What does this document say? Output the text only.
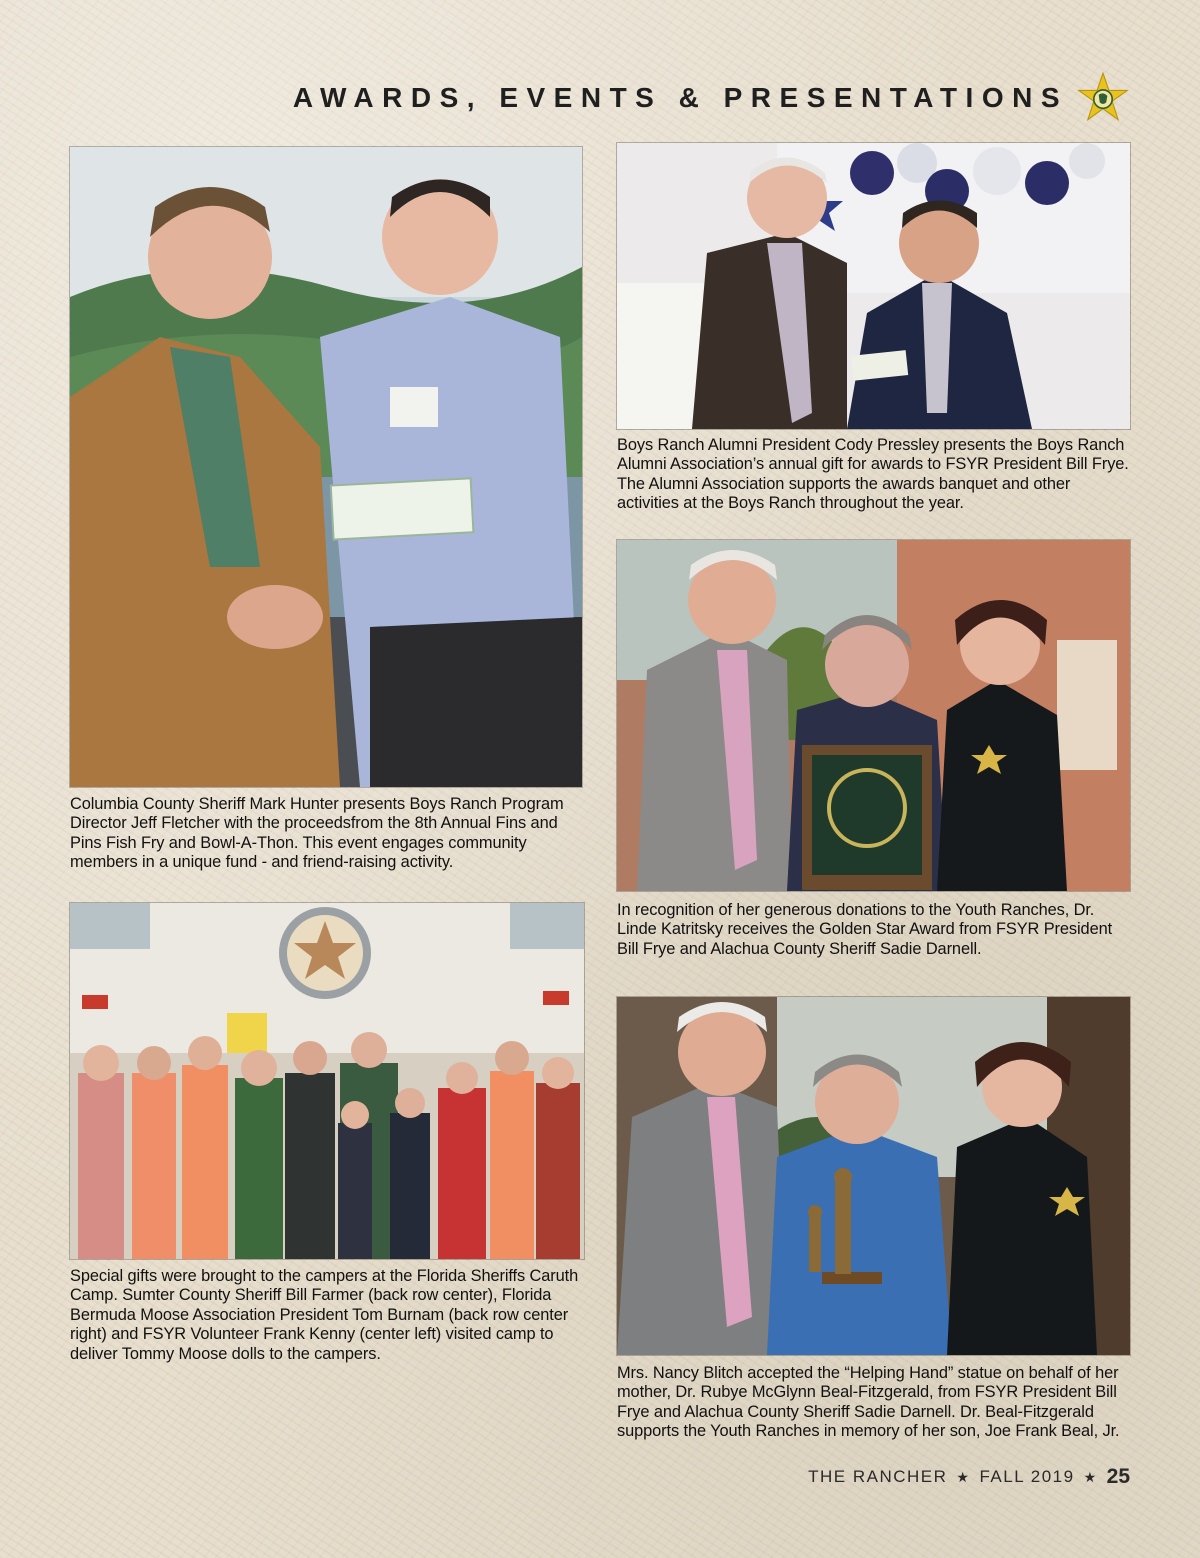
AWARDS, EVENTS & PRESENTATIONS

Columbia County Sheriff Mark Hunter presents Boys Ranch Program Director Jeff Fletcher with the proceedsfrom the 8th Annual Fins and Pins Fish Fry and Bowl-A-Thon. This event engages community members in a unique fund - and friend-raising activity.

Boys Ranch Alumni President Cody Pressley presents the Boys Ranch Alumni Association’s annual gift for awards to FSYR President Bill Frye. The Alumni Association supports the awards banquet and other activities at the Boys Ranch throughout the year.

In recognition of her generous donations to the Youth Ranches, Dr. Linde Katritsky receives the Golden Star Award from FSYR President Bill Frye and Alachua County Sheriff Sadie Darnell.

Special gifts were brought to the campers at the Florida Sheriffs Caruth Camp. Sumter County Sheriff Bill Farmer (back row center), Florida Bermuda Moose Association President Tom Burnam (back row center right) and FSYR Volunteer Frank Kenny (center left) visited camp to deliver Tommy Moose dolls to the campers.

Mrs. Nancy Blitch accepted the “Helping Hand” statue on behalf of her mother, Dr. Rubye McGlynn Beal-Fitzgerald, from FSYR President Bill Frye and Alachua County Sheriff Sadie Darnell. Dr. Beal-Fitzgerald supports the Youth Ranches in memory of her son, Joe Frank Beal, Jr.

THE RANCHER ★ FALL 2019 ★ 25
